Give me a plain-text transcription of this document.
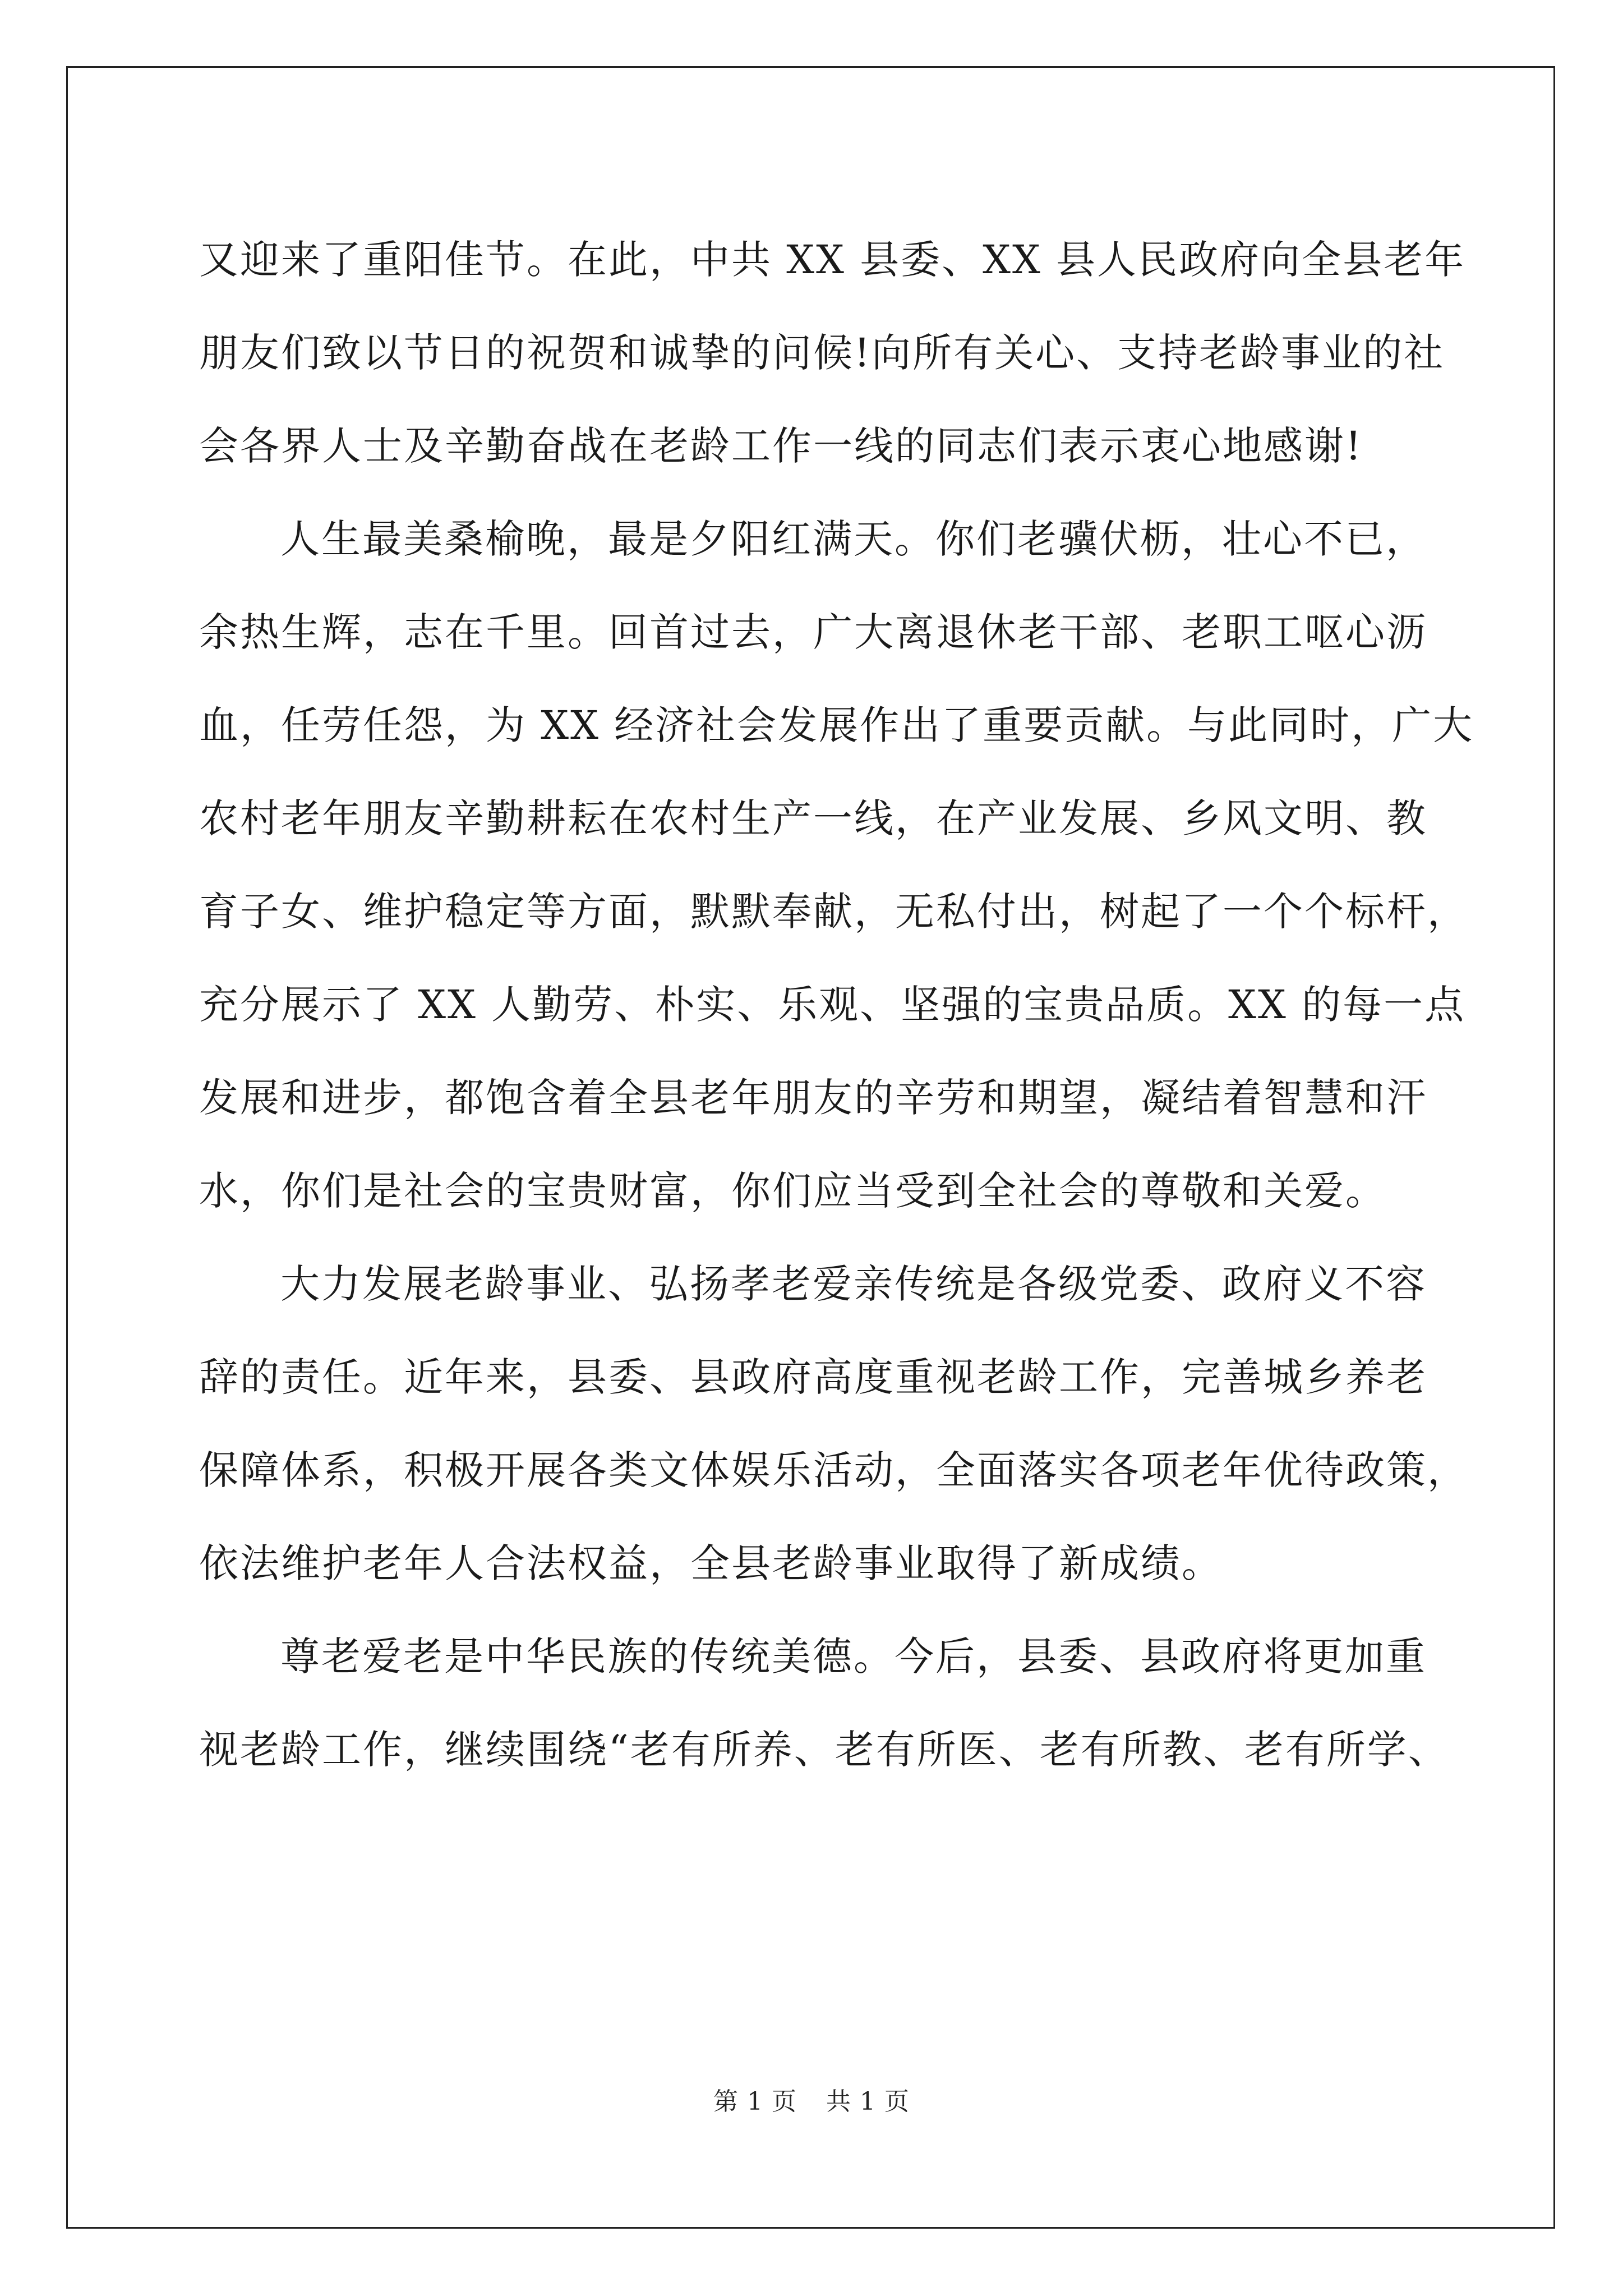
又迎来了重阳佳节。在此，中共 XX 县委、XX 县人民政府向全县老年
朋友们致以节日的祝贺和诚挚的问候!向所有关心、支持老龄事业的社
会各界人士及辛勤奋战在老龄工作一线的同志们表示衷心地感谢!
人生最美桑榆晚，最是夕阳红满天。你们老骥伏枥，壮心不已，
余热生辉，志在千里。回首过去，广大离退休老干部、老职工呕心沥
血，任劳任怨，为 XX 经济社会发展作出了重要贡献。与此同时，广大
农村老年朋友辛勤耕耘在农村生产一线，在产业发展、乡风文明、教
育子女、维护稳定等方面，默默奉献，无私付出，树起了一个个标杆，
充分展示了 XX 人勤劳、朴实、乐观、坚强的宝贵品质。XX 的每一点
发展和进步，都饱含着全县老年朋友的辛劳和期望，凝结着智慧和汗
水，你们是社会的宝贵财富，你们应当受到全社会的尊敬和关爱。
大力发展老龄事业、弘扬孝老爱亲传统是各级党委、政府义不容
辞的责任。近年来，县委、县政府高度重视老龄工作，完善城乡养老
保障体系，积极开展各类文体娱乐活动，全面落实各项老年优待政策，
依法维护老年人合法权益，全县老龄事业取得了新成绩。
尊老爱老是中华民族的传统美德。今后，县委、县政府将更加重
视老龄工作，继续围绕“老有所养、老有所医、老有所教、老有所学、
第 1 页 共 1 页
